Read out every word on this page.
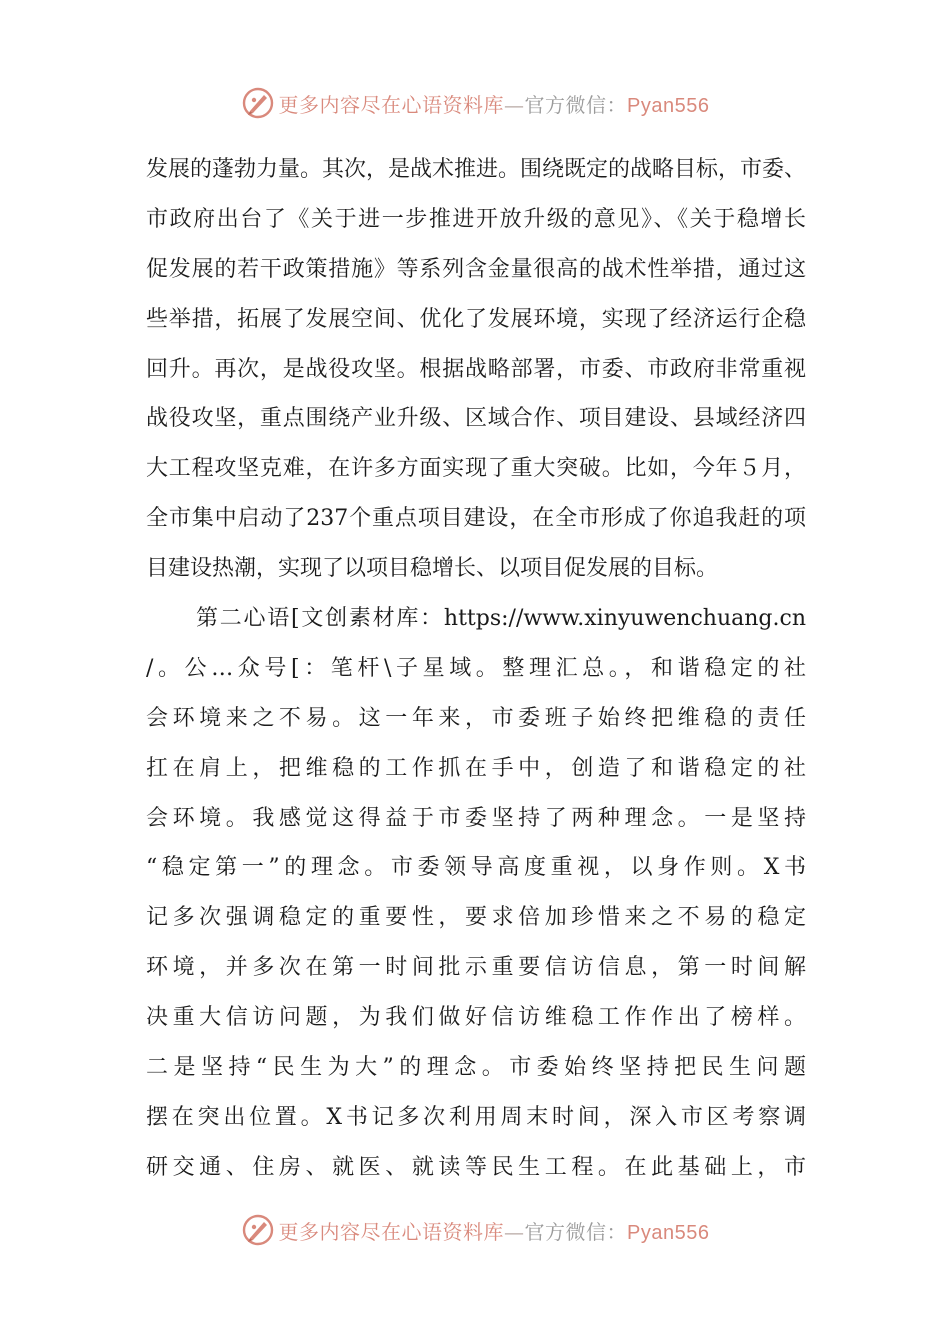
更多内容尽在心语资料库—官方微信：Pyan556
发展的蓬勃力量。其次，是战术推进。围绕既定的战略目标，市委、
市政府出台了《关于进一步推进开放升级的意见》、《关于稳增长
促发展的若干政策措施》等系列含金量很高的战术性举措，通过这
些举措，拓展了发展空间、优化了发展环境，实现了经济运行企稳
回升。再次，是战役攻坚。根据战略部署，市委、市政府非常重视
战役攻坚，重点围绕产业升级、区域合作、项目建设、县域经济四
大工程攻坚克难，在许多方面实现了重大突破。比如，今年５月，
全市集中启动了237个重点项目建设，在全市形成了你追我赶的项
目建设热潮，实现了以项目稳增长、以项目促发展的目标。
第二心语[文创素材库：https://www.xinyuwenchuang.cn
/。公…众号[：笔杆\子星域。整理汇总。，和谐稳定的社
会环境来之不易。这一年来，市委班子始终把维稳的责任
扛在肩上，把维稳的工作抓在手中，创造了和谐稳定的社
会环境。我感觉这得益于市委坚持了两种理念。一是坚持
“稳定第一”的理念。市委领导高度重视，以身作则。X书
记多次强调稳定的重要性，要求倍加珍惜来之不易的稳定
环境，并多次在第一时间批示重要信访信息，第一时间解
决重大信访问题，为我们做好信访维稳工作作出了榜样。
二是坚持“民生为大”的理念。市委始终坚持把民生问题
摆在突出位置。X书记多次利用周末时间，深入市区考察调
研交通、住房、就医、就读等民生工程。在此基础上，市
更多内容尽在心语资料库—官方微信：Pyan556
